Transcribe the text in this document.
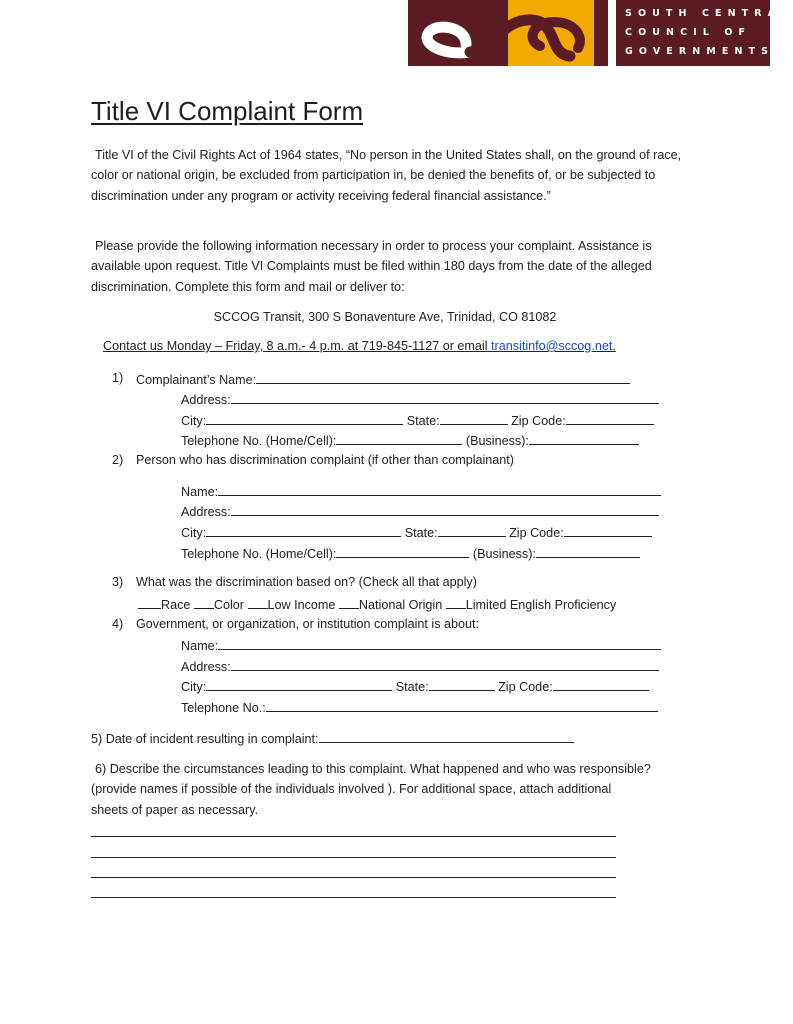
SOUTH CENTRAL
COUNCIL OF
GOVERNMENTS
Title VI Complaint Form

Title VI of the Civil Rights Act of 1964 states, “No person in the United States shall, on the ground of race, color or national origin, be excluded from participation in, be denied the benefits of, or be subjected to discrimination under any program or activity receiving federal financial assistance.”

Please provide the following information necessary in order to process your complaint. Assistance is available upon request. Title VI Complaints must be filed within 180 days from the date of the alleged discrimination. Complete this form and mail or deliver to:

SCCOG Transit, 300 S Bonaventure Ave, Trinidad, CO 81082
Contact us Monday – Friday, 8 a.m.- 4 p.m. at 719-845-1127 or email transitinfo@sccog.net.
1) Complainant’s Name:
Address:
City:	State:	Zip Code:
Telephone No. (Home/Cell):	(Business):
2) Person who has discrimination complaint (if other than complainant)
Name:
Address:
City:	State:	Zip Code:
Telephone No. (Home/Cell):	(Business):
3) What was the discrimination based on? (Check all that apply)
Race Color Low Income National Origin Limited English Proficiency
4) Government, or organization, or institution complaint is about:
Name:
Address:
City:	State:	Zip Code:
Telephone No.:
5) Date of incident resulting in complaint:

6) Describe the circumstances leading to this complaint. What happened and who was responsible? (provide names if possible of the individuals involved ). For additional space, attach additional sheets of paper as necessary.
